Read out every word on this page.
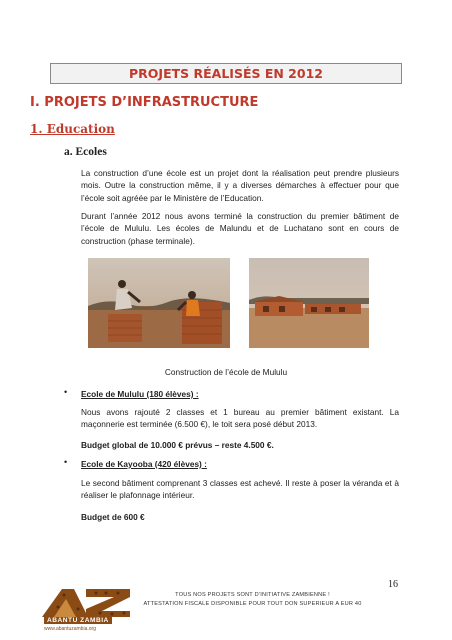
PROJETS RÉALISÉS EN 2012
I. PROJETS D’INFRASTRUCTURE
1. Education
a. Ecoles
La construction d’une école est un projet dont la réalisation peut prendre plusieurs mois. Outre la construction même, il y a diverses démarches à effectuer pour que l’école soit agréée par le Ministère de l’Education.
Durant l’année 2012 nous avons terminé la construction du premier bâtiment de l’école de Mululu. Les écoles de Malundu et de Luchatano sont en cours de construction (phase terminale).
Construction de l’école de Mululu
• Ecole de Mululu (180 élèves) :
Nous avons rajouté 2 classes et 1 bureau au premier bâtiment existant. La maçonnerie est terminée (6.500 €), le toit sera posé début 2013.
Budget global de 10.000 € prévus – reste 4.500 €.
• Ecole de Kayooba (420 élèves) :
Le second bâtiment comprenant 3 classes est achevé. Il reste à poser la véranda et à réaliser le plafonnage intérieur.
Budget de 600 €
16
TOUS NOS PROJETS SONT D’INITIATIVE ZAMBIENNE !
ATTESTATION FISCALE DISPONIBLE POUR TOUT DON SUPERIEUR A EUR 40
ABANTU ZAMBIA
www.abantuzambia.org
